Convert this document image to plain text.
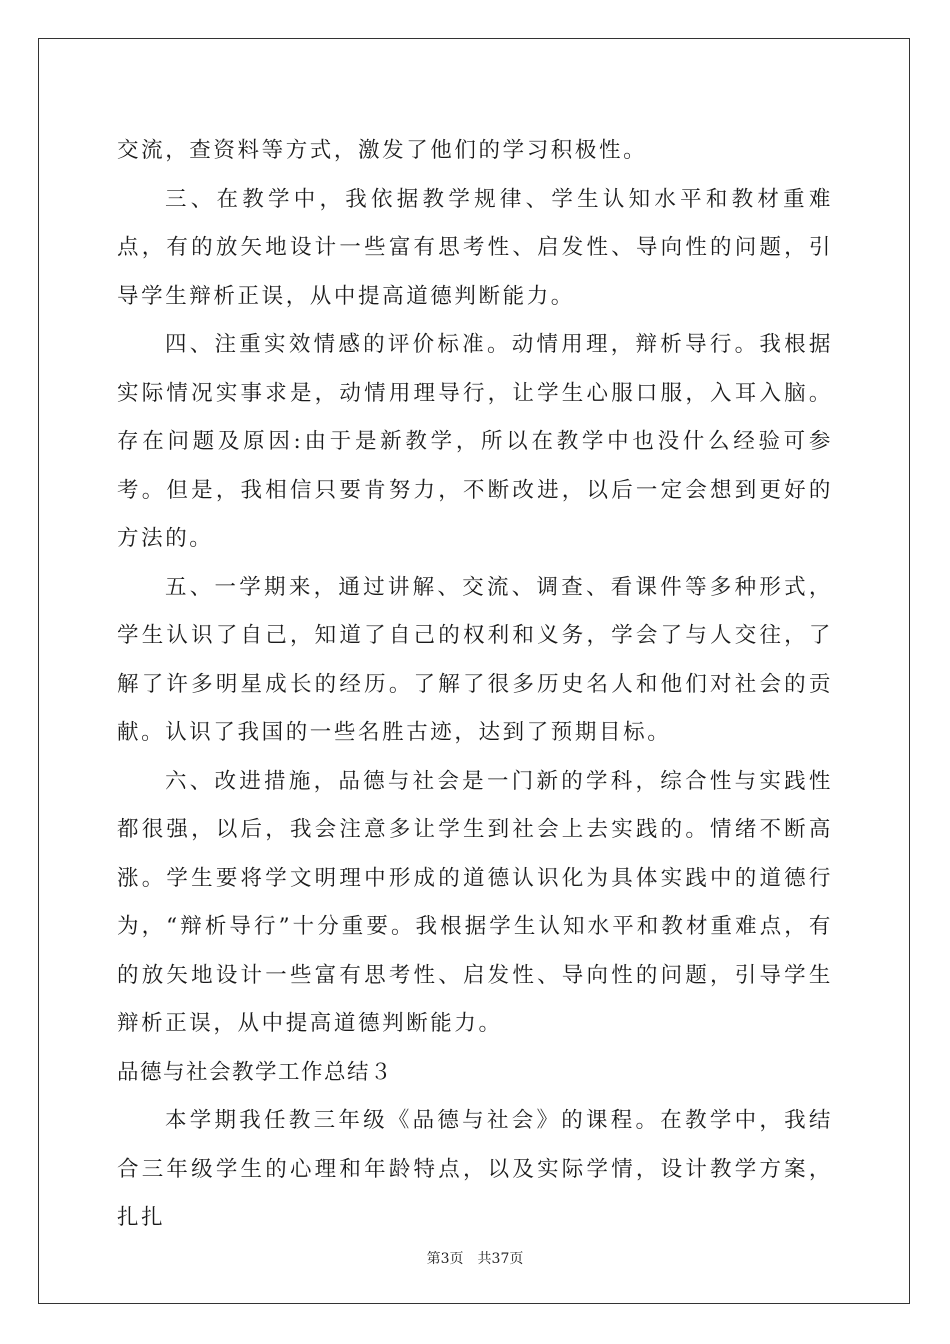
交流，查资料等方式，激发了他们的学习积极性。

三、在教学中，我依据教学规律、学生认知水平和教材重难点，有的放矢地设计一些富有思考性、启发性、导向性的问题，引导学生辩析正误，从中提高道德判断能力。

四、注重实效情感的评价标准。动情用理，辩析导行。我根据实际情况实事求是，动情用理导行，让学生心服口服，入耳入脑。存在问题及原因:由于是新教学，所以在教学中也没什么经验可参考。但是，我相信只要肯努力，不断改进，以后一定会想到更好的方法的。

五、一学期来，通过讲解、交流、调查、看课件等多种形式，学生认识了自己，知道了自己的权利和义务，学会了与人交往，了解了许多明星成长的经历。了解了很多历史名人和他们对社会的贡献。认识了我国的一些名胜古迹，达到了预期目标。

六、改进措施，品德与社会是一门新的学科，综合性与实践性都很强，以后，我会注意多让学生到社会上去实践的。情绪不断高涨。学生要将学文明理中形成的道德认识化为具体实践中的道德行为，“辩析导行”十分重要。我根据学生认知水平和教材重难点，有的放矢地设计一些富有思考性、启发性、导向性的问题，引导学生辩析正误，从中提高道德判断能力。

品德与社会教学工作总结３

本学期我任教三年级《品德与社会》的课程。在教学中，我结合三年级学生的心理和年龄特点，以及实际学情，设计教学方案，扎扎

第3页 共37页
